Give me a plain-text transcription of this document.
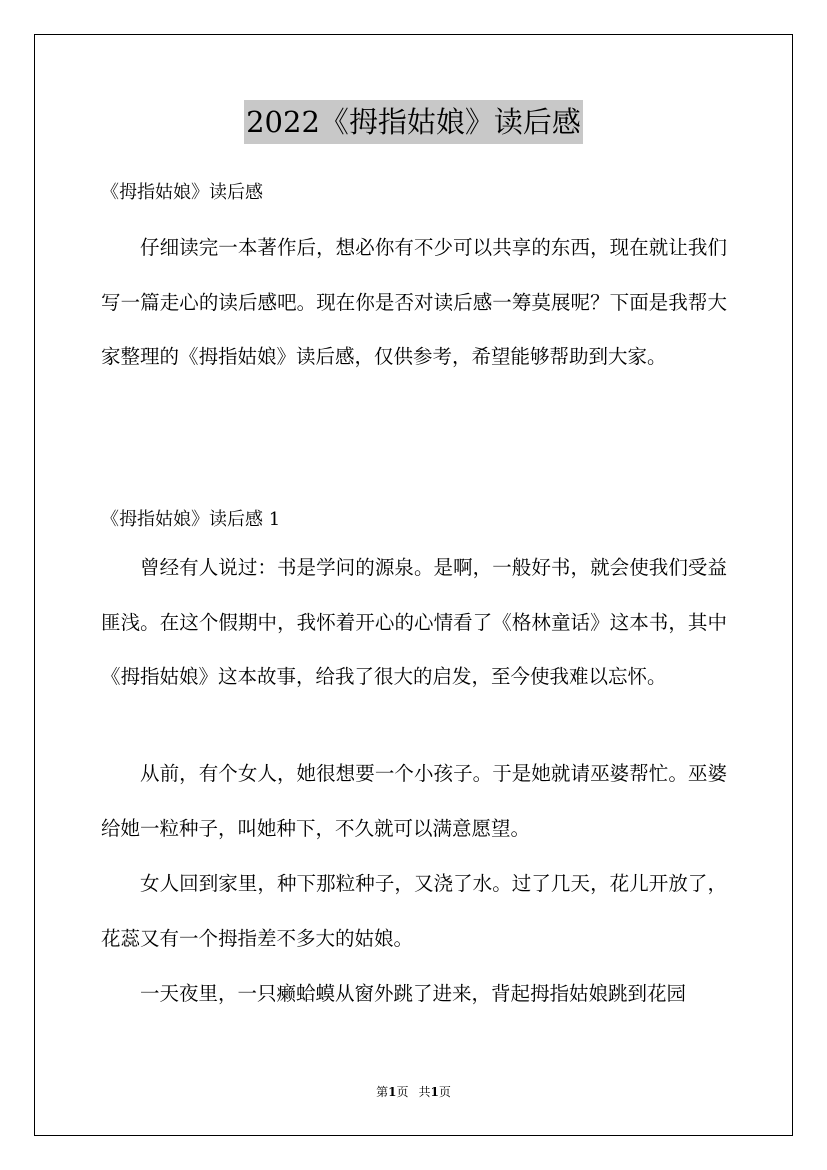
2022《拇指姑娘》读后感

《拇指姑娘》读后感

仔细读完一本著作后，想必你有不少可以共享的东西，现在就让我们写一篇走心的读后感吧。现在你是否对读后感一筹莫展呢？下面是我帮大家整理的《拇指姑娘》读后感，仅供参考，希望能够帮助到大家。

《拇指姑娘》读后感 1

曾经有人说过：书是学问的源泉。是啊，一般好书，就会使我们受益匪浅。在这个假期中，我怀着开心的心情看了《格林童话》这本书，其中《拇指姑娘》这本故事，给我了很大的启发，至今使我难以忘怀。

从前，有个女人，她很想要一个小孩子。于是她就请巫婆帮忙。巫婆给她一粒种子，叫她种下，不久就可以满意愿望。

女人回到家里，种下那粒种子，又浇了水。过了几天，花儿开放了，花蕊又有一个拇指差不多大的姑娘。

一天夜里，一只癞蛤蟆从窗外跳了进来，背起拇指姑娘跳到花园

第1页 共1页
